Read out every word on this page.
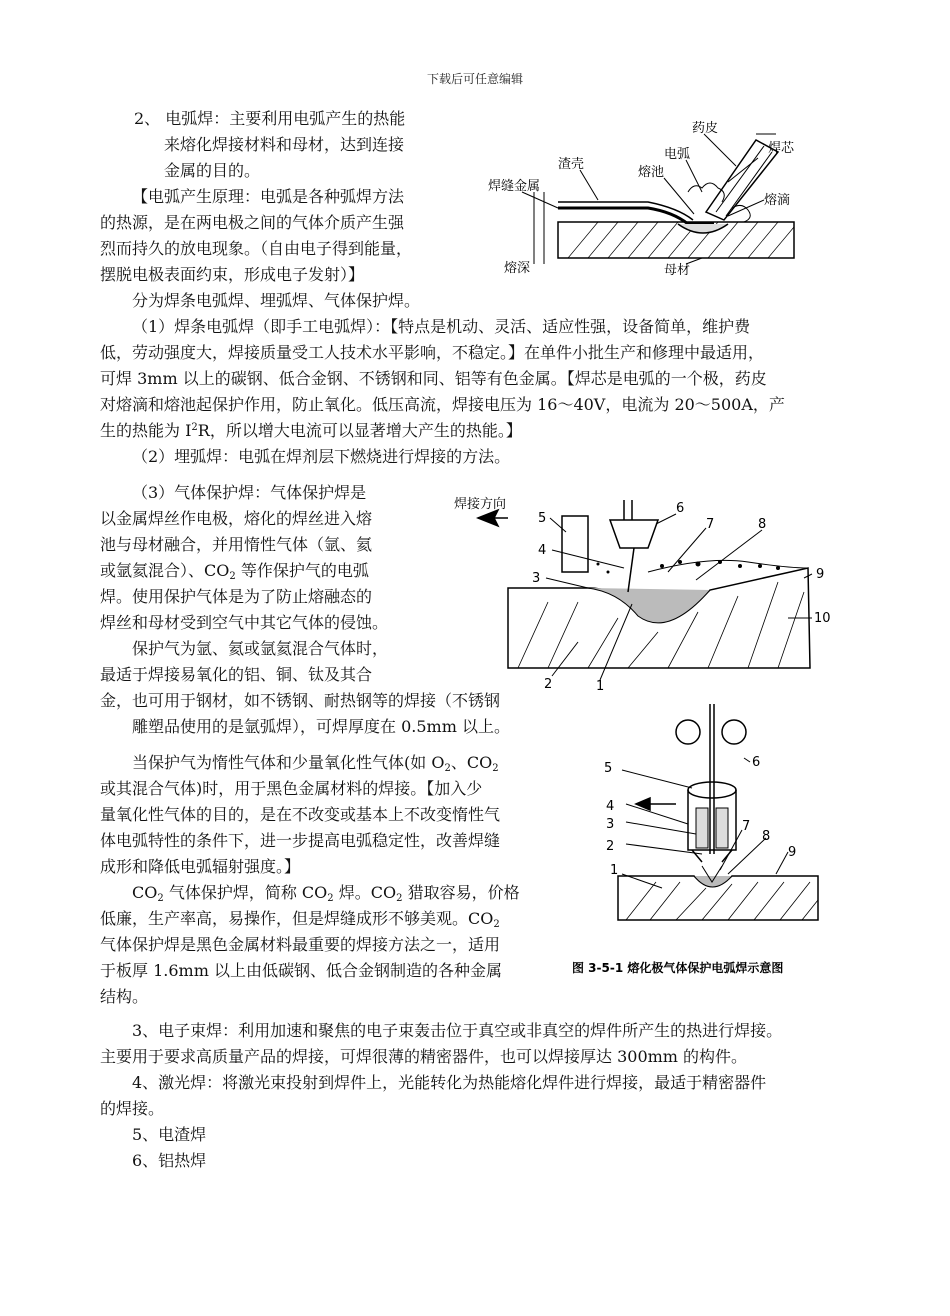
下载后可任意编辑
2、 电弧焊：主要利用电弧产生的热能
来熔化焊接材料和母材，达到连接
金属的目的。
【电弧产生原理：电弧是各种弧焊方法
的热源，是在两电极之间的气体介质产生强
烈而持久的放电现象。（自由电子得到能量，
摆脱电极表面约束，形成电子发射）】
分为焊条电弧焊、埋弧焊、气体保护焊。
药皮
焊芯
电弧
渣壳
熔池
焊缝金属
熔滴
熔深	母材
（1）焊条电弧焊（即手工电弧焊）：【特点是机动、灵活、适应性强，设备简单，维护费
低，劳动强度大，焊接质量受工人技术水平影响，不稳定。】在单件小批生产和修理中最适用，
可焊 3mm 以上的碳钢、低合金钢、不锈钢和同、铝等有色金属。【焊芯是电弧的一个极，药皮
对熔滴和熔池起保护作用，防止氧化。低压高流，焊接电压为 16～40V，电流为 20～500A，产
生的热能为 $I^2R$，所以增大电流可以显著增大产生的热能。】
（2）埋弧焊：电弧在焊剂层下燃烧进行焊接的方法。
（3）气体保护焊：气体保护焊是
以金属焊丝作电极，熔化的焊丝进入熔
池与母材融合，并用惰性气体（氩、氦
或氩氦混合）、$CO_2$ 等作保护气的电弧
焊。使用保护气体是为了防止熔融态的
焊丝和母材受到空气中其它气体的侵蚀。
保护气为氩、氦或氩氦混合气体时，
最适于焊接易氧化的铝、铜、钛及其合
金，也可用于钢材，如不锈钢、耐热钢等的焊接（不锈钢
雕塑品使用的是氩弧焊），可焊厚度在 0.5mm 以上。
焊接方向
5
6
7	8
9
10
4
3
2	1
当保护气为惰性气体和少量氧化性气体(如 $O_2$、$CO_2$
或其混合气体)时，用于黑色金属材料的焊接。【加入少
量氧化性气体的目的，是在不改变或基本上不改变惰性气
体电弧特性的条件下，进一步提高电弧稳定性，改善焊缝
成形和降低电弧辐射强度。】
$CO_2$ 气体保护焊，简称 $CO_2$ 焊。$CO_2$ 猎取容易，价格
低廉，生产率高，易操作，但是焊缝成形不够美观。$CO_2$
气体保护焊是黑色金属材料最重要的焊接方法之一，适用
于板厚 1.6mm 以上由低碳钢、低合金钢制造的各种金属
结构。
5	6
4
3
2
1
7
8
9
图 3-5-1 熔化极气体保护电弧焊示意图
3、电子束焊：利用加速和聚焦的电子束轰击位于真空或非真空的焊件所产生的热进行焊接。
主要用于要求高质量产品的焊接，可焊很薄的精密器件，也可以焊接厚达 300mm 的构件。
4、激光焊：将激光束投射到焊件上，光能转化为热能熔化焊件进行焊接，最适于精密器件
的焊接。
5、电渣焊
6、铝热焊
